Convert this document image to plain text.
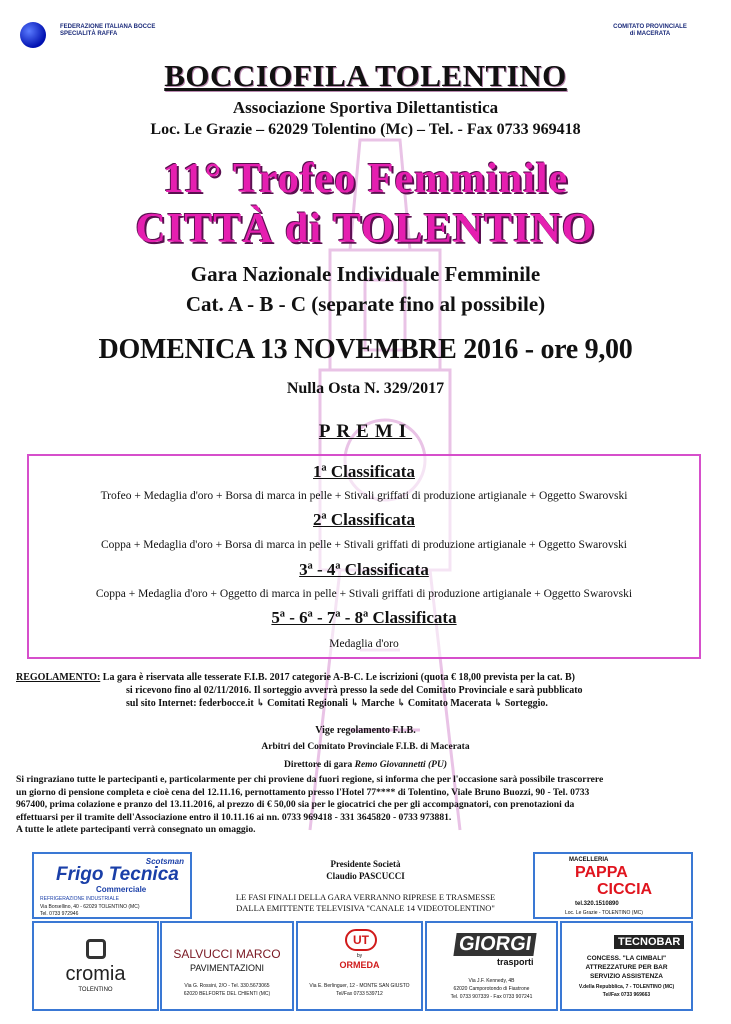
FEDERAZIONE ITALIANA BOCCE
SPECIALITÀ RAFFA
COMITATO PROVINCIALE
di MACERATA
BOCCIOFILA TOLENTINO
Associazione Sportiva Dilettantistica
Loc. Le Grazie – 62029 Tolentino (Mc) – Tel. - Fax 0733 969418
11° Trofeo Femminile
CITTÀ di TOLENTINO
Gara Nazionale Individuale Femminile
Cat. A - B - C (separate fino al possibile)
DOMENICA 13 NOVEMBRE 2016 - ore 9,00
Nulla Osta N. 329/2017
PREMI
1ª Classificata
Trofeo + Medaglia d'oro + Borsa di marca in pelle + Stivali griffati di produzione artigianale + Oggetto Swarovski
2ª Classificata
Coppa + Medaglia d'oro + Borsa di marca in pelle + Stivali griffati di produzione artigianale + Oggetto Swarovski
3ª - 4ª Classificata
Coppa + Medaglia d'oro + Oggetto di marca in pelle + Stivali griffati di produzione artigianale + Oggetto Swarovski
5ª - 6ª - 7ª - 8ª Classificata
Medaglia d'oro
REGOLAMENTO: La gara è riservata alle tesserate F.I.B. 2017 categorie A-B-C. Le iscrizioni (quota € 18,00 prevista per la cat. B)
si ricevono fino al 02/11/2016. Il sorteggio avverrà presso la sede del Comitato Provinciale e sarà pubblicato
sul sito Internet: federbocce.it ↳ Comitati Regionali ↳ Marche ↳ Comitato Macerata ↳ Sorteggio.
Vige regolamento F.I.B.
Arbitri del Comitato Provinciale F.I.B. di Macerata
Direttore di gara Remo Giovannetti (PU)
Si ringraziano tutte le partecipanti e, particolarmente per chi proviene da fuori regione, si informa che per l'occasione sarà possibile trascorrere
un giorno di pensione completa e cioè cena del 12.11.16, pernottamento presso l'Hotel 77**** di Tolentino, Viale Bruno Buozzi, 90 - Tel. 0733
967400, prima colazione e pranzo del 13.11.2016, al prezzo di € 50,00 sia per le giocatrici che per gli accompagnatori, con prenotazioni da
effettuarsi per il tramite dell'Associazione entro il 10.11.16 ai nn. 0733 969418 - 331 3645820 - 0733 973881.
A tutte le atlete partecipanti verrà consegnato un omaggio.
Scotsman
Frigo Tecnica
Commerciale
REFRIGERAZIONE INDUSTRIALE
Via Borsellino, 40 - 62029 TOLENTINO (MC)
Tel. 0733 972946
Presidente Società
Claudio PASCUCCI
LE FASI FINALI DELLA GARA VERRANNO RIPRESE E TRASMESSE
DALLA EMITTENTE TELEVISIVA "CANALE 14 VIDEOTOLENTINO"
MACELLERIA
PAPPA
CICCIA
tel.320.1510890
Loc. Le Grazie - TOLENTINO (MC)
cromia
TOLENTINO
SALVUCCI MARCO
PAVIMENTAZIONI
Via G. Rossini, 2/O - Tel. 330.5673065
62020 BELFORTE DEL CHIENTI (MC)
UT
by
ORMEDA
Via E. Berlinguer, 12 - MONTE SAN GIUSTO
Tel/Fax 0733 539712
GIORGI
trasporti
Via J.F. Kennedy, 4B
62020 Camporotondo di Fiastrone
Tel. 0733 907339 - Fax 0733 907241
TECNOBAR
CONCESS. "LA CIMBALI"
ATTREZZATURE PER BAR
SERVIZIO ASSISTENZA
V.della Repubblica, 7 - TOLENTINO (MC)
Tel/Fax 0733 969663
